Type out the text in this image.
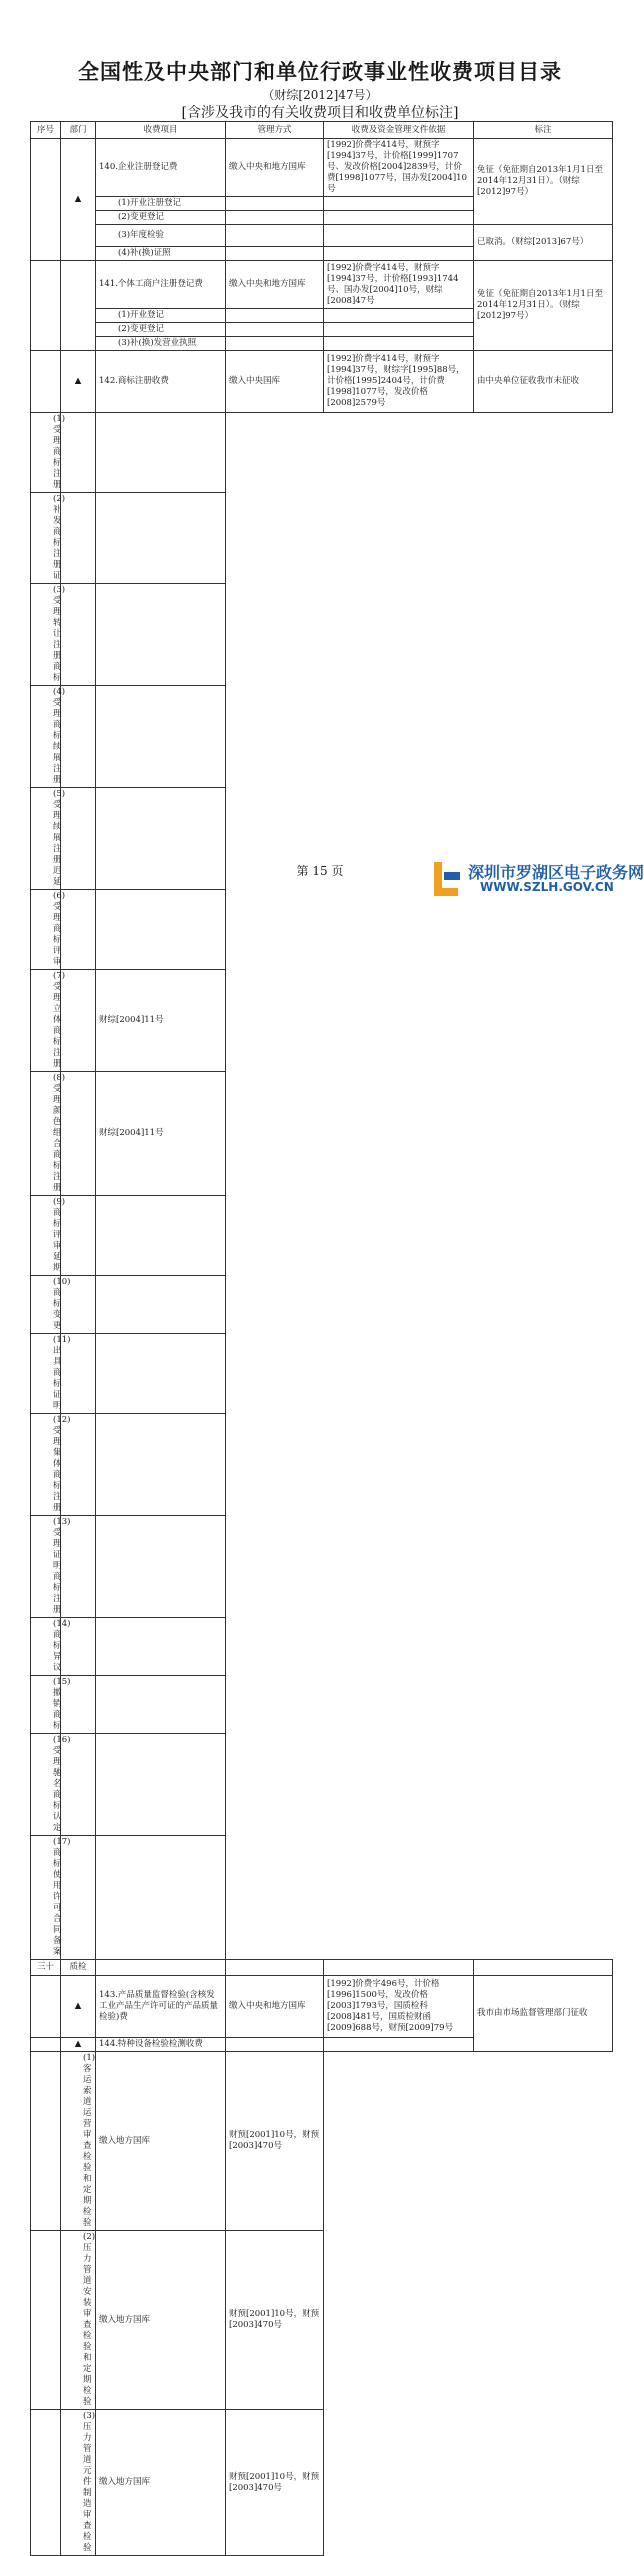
全国性及中央部门和单位行政事业性收费项目目录
（财综[2012]47号）
[含涉及我市的有关收费项目和收费单位标注]
序号	部门	收费项目	管理方式	收费及资金管理文件依据	标注
	▲	140.企业注册登记费	缴入中央和地方国库	[1992]价费字414号，财预字[1994]37号，计价格[1999]1707号、发改价格[2004]2839号，计价费[1998]1077号，国办发[2004]10号	免征（免征期自2013年1月1日至2014年12月31日）。（财综[2012]97号）
		(1)开业注册登记			
		(2)变更登记			
		(3)年度检验			已取消。（财综[2013]67号）
		(4)补(换)证照			
		141.个体工商户注册登记费	缴入中央和地方国库	[1992]价费字414号，财预字[1994]37号，计价格[1993]1744号、国办发[2004]10号，财综[2008]47号	免征（免征期自2013年1月1日至2014年12月31日）。（财综[2012]97号）
		(1)开业登记			
		(2)变更登记			
		(3)补(换)发营业执照			
	▲	142.商标注册收费	缴入中央国库	[1992]价费字414号，财预字[1994]37号，财综字[1995]88号，计价格[1995]2404号，计价费[1998]1077号，发改价格[2008]2579号	由中央单位征收我市未征收
(1)受理商标注册					
(2)补发商标注册证					
(3)受理转让注册商标					
(4)受理商标续展注册					
(5)受理续展注册迟延					
(6)受理商标评审					
(7)受理立体商标注册		财综[2004]11号			
(8)受理颜色组合商标注册		财综[2004]11号			
(9)商标评审延期					
(10)商标变更					
(11)出具商标证明					
(12)受理集体商标注册					
(13)受理证明商标注册					
(14)商标异议					
(15)撤销商标					
(16)受理驰名商标认定					
(17)商标使用许可合同备案					
三十	质检				
	▲	143.产品质量监督检验(含核发工业产品生产许可证的产品质量检验)费	缴入中央和地方国库	[1992]价费字496号，计价格[1996]1500号，发改价格[2003]1793号，国质检科[2008]481号，国质检财函[2009]688号，财预[2009]79号	我市由市场监督管理部门征收
	▲	144.特种设备检验检测收费			
	(1)客运索道运营审查检验和定期检验	缴入地方国库	财预[2001]10号，财预[2003]470号		
	(2)压力管道安装审查检验和定期检验	缴入地方国库	财预[2001]10号，财预[2003]470号		
	(3)压力管道元件制造审查检验	缴入地方国库	财预[2001]10号，财预[2003]470号		
第 15 页	深圳市罗湖区电子政务网
WWW.SZLH.GOV.CN
